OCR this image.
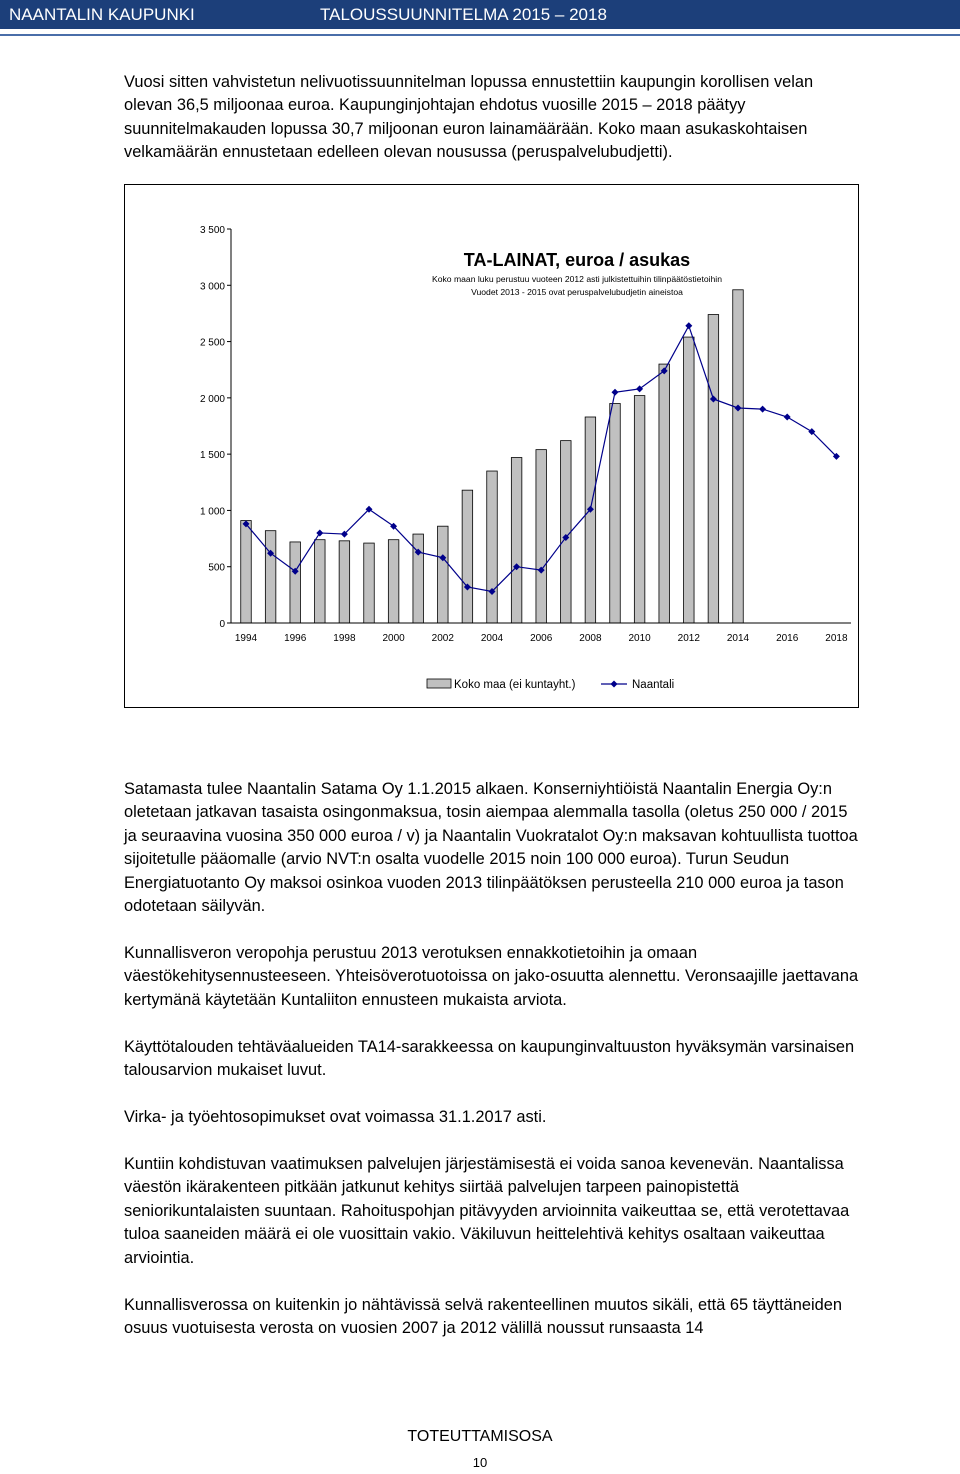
NAANTALIN KAUPUNKI	TALOUSSUUNNITELMA 2015 – 2018

Vuosi sitten vahvistetun nelivuotissuunnitelman lopussa ennustettiin kaupungin korollisen velan olevan 36,5 miljoonaa euroa. Kaupunginjohtajan ehdotus vuosille 2015 – 2018 päätyy suunnitelmakauden lopussa 30,7 miljoonan euron lainamäärään. Koko maan asukaskohtaisen velkamäärän ennustetaan edelleen olevan nousussa (peruspalvelubudjetti).

TA-LAINAT, euroa / asukas
Koko maan luku perustuu vuoteen 2012 asti julkistettuihin tilinpäätöstietoihin
Vuodet 2013 - 2015 ovat peruspalvelubudjetin aineistoa
0
500
1 000
1 500
2 000
2 500
3 000
3 500
1994	1996	1998	2000	2002	2004	2006	2008	2010	2012	2014	2016	2018
Koko maa (ei kuntayht.)	Naantali

Satamasta tulee Naantalin Satama Oy 1.1.2015 alkaen. Konserniyhtiöistä Naantalin Energia Oy:n oletetaan jatkavan tasaista osingonmaksua, tosin aiempaa alemmalla tasolla (oletus 250 000 / 2015 ja seuraavina vuosina 350 000 euroa / v) ja Naantalin Vuokratalot Oy:n maksavan kohtuullista tuottoa sijoitetulle pääomalle (arvio NVT:n osalta vuodelle 2015 noin 100 000 euroa). Turun Seudun Energiatuotanto Oy maksoi osinkoa vuoden 2013 tilinpäätöksen perusteella 210 000 euroa ja tason odotetaan säilyvän.

Kunnallisveron veropohja perustuu 2013 verotuksen ennakkotietoihin ja omaan väestökehitysennusteeseen. Yhteisöverotuotoissa on jako-osuutta alennettu. Veronsaajille jaettavana kertymänä käytetään Kuntaliiton ennusteen mukaista arviota.

Käyttötalouden tehtäväalueiden TA14-sarakkeessa on kaupunginvaltuuston hyväksymän varsinaisen talousarvion mukaiset luvut.

Virka- ja työehtosopimukset ovat voimassa 31.1.2017 asti.

Kuntiin kohdistuvan vaatimuksen palvelujen järjestämisestä ei voida sanoa kevenevän. Naantalissa väestön ikärakenteen pitkään jatkunut kehitys siirtää palvelujen tarpeen painopistettä seniorikuntalaisten suuntaan. Rahoituspohjan pitävyyden arvioinnita vaikeuttaa se, että verotettavaa tuloa saaneiden määrä ei ole vuosittain vakio. Väkiluvun heittelehtivä kehitys osaltaan vaikeuttaa arviointia.

Kunnallisverossa on kuitenkin jo nähtävissä selvä rakenteellinen muutos sikäli, että 65 täyttäneiden osuus vuotuisesta verosta on vuosien 2007 ja 2012 välillä noussut runsaasta 14

TOTEUTTAMISOSA
10
